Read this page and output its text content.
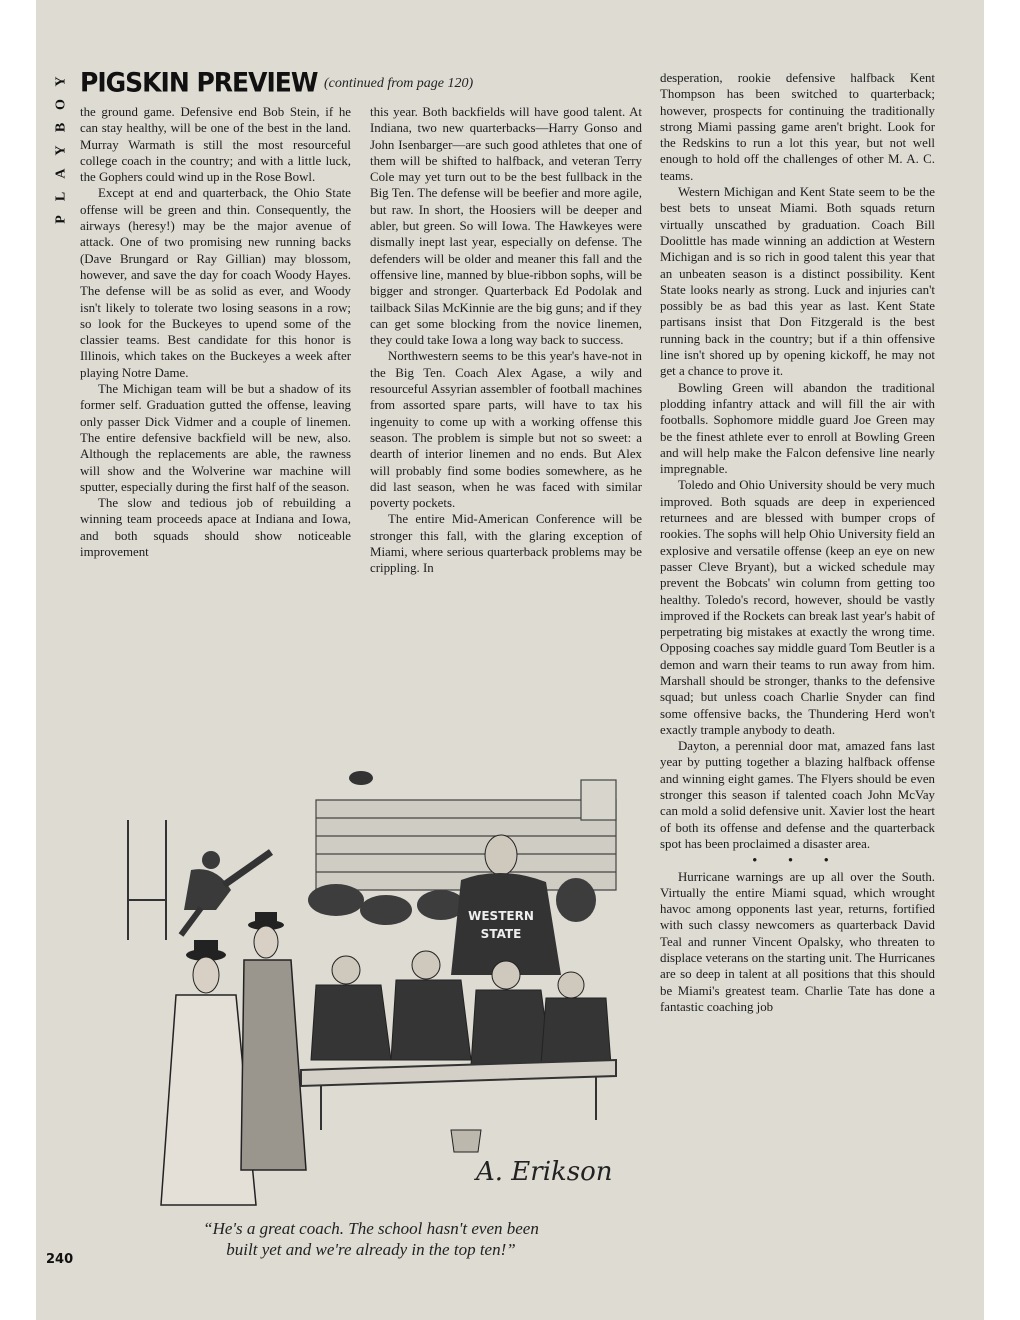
Y
O
B
Y
A
L
P
PIGSKIN PREVIEW (continued from page 120)

the ground game. Defensive end Bob Stein, if he can stay healthy, will be one of the best in the land. Murray Warmath is still the most resourceful college coach in the country; and with a little luck, the Gophers could wind up in the Rose Bowl.

Except at end and quarterback, the Ohio State offense will be green and thin. Consequently, the airways (heresy!) may be the major avenue of attack. One of two promising new running backs (Dave Brungard or Ray Gillian) may blossom, however, and save the day for coach Woody Hayes. The defense will be as solid as ever, and Woody isn't likely to tolerate two losing seasons in a row; so look for the Buckeyes to upend some of the classier teams. Best candidate for this honor is Illinois, which takes on the Buckeyes a week after playing Notre Dame.

The Michigan team will be but a shadow of its former self. Graduation gutted the offense, leaving only passer Dick Vidmer and a couple of linemen. The entire defensive backfield will be new, also. Although the replacements are able, the rawness will show and the Wolverine war machine will sputter, especially during the first half of the season.

The slow and tedious job of rebuilding a winning team proceeds apace at Indiana and Iowa, and both squads should show noticeable improvement

this year. Both backfields will have good talent. At Indiana, two new quarterbacks—Harry Gonso and John Isenbarger—are such good athletes that one of them will be shifted to halfback, and veteran Terry Cole may yet turn out to be the best fullback in the Big Ten. The defense will be beefier and more agile, but raw. In short, the Hoosiers will be deeper and abler, but green. So will Iowa. The Hawkeyes were dismally inept last year, especially on defense. The defenders will be older and meaner this fall and the offensive line, manned by blue-ribbon sophs, will be bigger and stronger. Quarterback Ed Podolak and tailback Silas McKinnie are the big guns; and if they can get some blocking from the novice linemen, they could take Iowa a long way back to success.

Northwestern seems to be this year's have-not in the Big Ten. Coach Alex Agase, a wily and resourceful Assyrian assembler of football machines from assorted spare parts, will have to tax his ingenuity to come up with a working offense this season. The problem is simple but not so sweet: a dearth of interior linemen and no ends. But Alex will probably find some bodies somewhere, as he did last season, when he was faced with similar poverty pockets.

The entire Mid-American Conference will be stronger this fall, with the glaring exception of Miami, where serious quarterback problems may be crippling. In

desperation, rookie defensive halfback Kent Thompson has been switched to quarterback; however, prospects for continuing the traditionally strong Miami passing game aren't bright. Look for the Redskins to run a lot this year, but not well enough to hold off the challenges of other M. A. C. teams.

Western Michigan and Kent State seem to be the best bets to unseat Miami. Both squads return virtually unscathed by graduation. Coach Bill Doolittle has made winning an addiction at Western Michigan and is so rich in good talent this year that an unbeaten season is a distinct possibility. Kent State looks nearly as strong. Luck and injuries can't possibly be as bad this year as last. Kent State partisans insist that Don Fitzgerald is the best running back in the country; but if a thin offensive line isn't shored up by opening kickoff, he may not get a chance to prove it.

Bowling Green will abandon the traditional plodding infantry attack and will fill the air with footballs. Sophomore middle guard Joe Green may be the finest athlete ever to enroll at Bowling Green and will help make the Falcon defensive line nearly impregnable.

Toledo and Ohio University should be very much improved. Both squads are deep in experienced returnees and are blessed with bumper crops of rookies. The sophs will help Ohio University field an explosive and versatile offense (keep an eye on new passer Cleve Bryant), but a wicked schedule may prevent the Bobcats' win column from getting too healthy. Toledo's record, however, should be vastly improved if the Rockets can break last year's habit of perpetrating big mistakes at exactly the wrong time. Opposing coaches say middle guard Tom Beutler is a demon and warn their teams to run away from him. Marshall should be stronger, thanks to the defensive squad; but unless coach Charlie Snyder can find some offensive backs, the Thundering Herd won't exactly trample anybody to death.

Dayton, a perennial door mat, amazed fans last year by putting together a blazing halfback offense and winning eight games. The Flyers should be even stronger this season if talented coach John McVay can mold a solid defensive unit. Xavier lost the heart of both its offense and defense and the quarterback spot has been proclaimed a disaster area.

• • •

Hurricane warnings are up all over the South. Virtually the entire Miami squad, which wrought havoc among opponents last year, returns, fortified with such classy newcomers as quarterback David Teal and runner Vincent Opalsky, who threaten to displace veterans on the starting unit. The Hurricanes are so deep in talent at all positions that this should be Miami's greatest team. Charlie Tate has done a fantastic coaching job

WESTERN
STATE
A. Erikson
“He's a great coach. The school hasn't even been
built yet and we're already in the top ten!”
240
